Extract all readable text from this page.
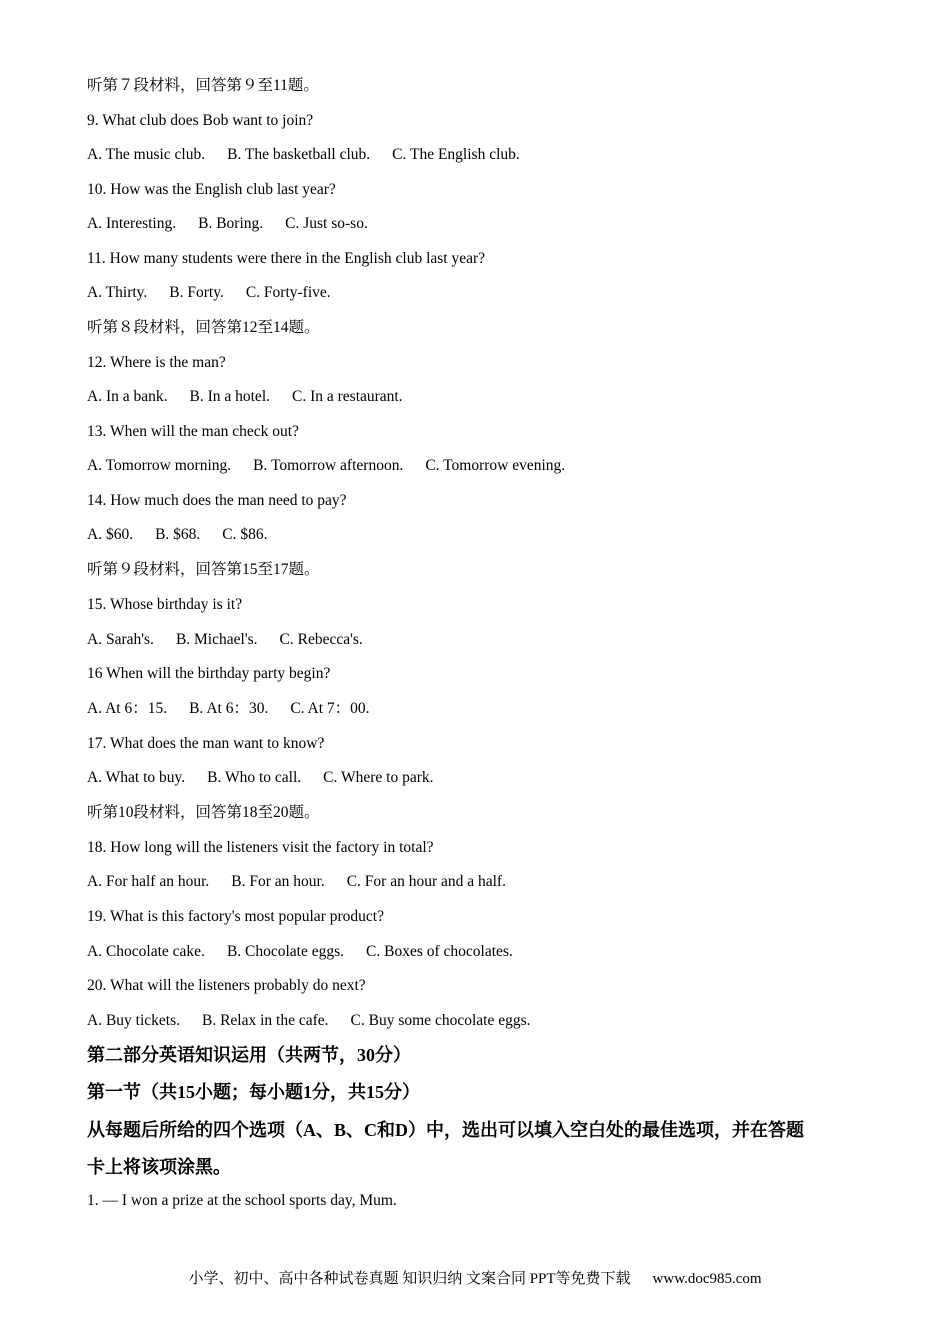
听第７段材料，回答第９至11题。
9. What club does Bob want to join?
A. The music club. B. The basketball club. C. The English club.
10. How was the English club last year?
A. Interesting. B. Boring. C. Just so-so.
11. How many students were there in the English club last year?
A. Thirty. B. Forty. C. Forty-five.
听第８段材料，回答第12至14题。
12. Where is the man?
A. In a bank. B. In a hotel. C. In a restaurant.
13. When will the man check out?
A. Tomorrow morning. B. Tomorrow afternoon. C. Tomorrow evening.
14. How much does the man need to pay?
A. $60. B. $68. C. $86.
听第９段材料，回答第15至17题。
15. Whose birthday is it?
A. Sarah's. B. Michael's. C. Rebecca's.
16 When will the birthday party begin?
A. At 6：15. B. At 6：30. C. At 7：00.
17. What does the man want to know?
A. What to buy. B. Who to call. C. Where to park.
听第10段材料，回答第18至20题。
18. How long will the listeners visit the factory in total?
A. For half an hour. B. For an hour. C. For an hour and a half.
19. What is this factory's most popular product?
A. Chocolate cake. B. Chocolate eggs. C. Boxes of chocolates.
20. What will the listeners probably do next?
A. Buy tickets. B. Relax in the cafe. C. Buy some chocolate eggs.
第二部分英语知识运用（共两节，30分）
第一节（共15小题；每小题1分，共15分）
从每题后所给的四个选项（A、B、C和D）中，选出可以填入空白处的最佳选项，并在答题
卡上将该项涂黑。
1. — I won a prize at the school sports day, Mum.
小学、初中、高中各种试卷真题 知识归纳 文案合同 PPT等免费下载 www.doc985.com
